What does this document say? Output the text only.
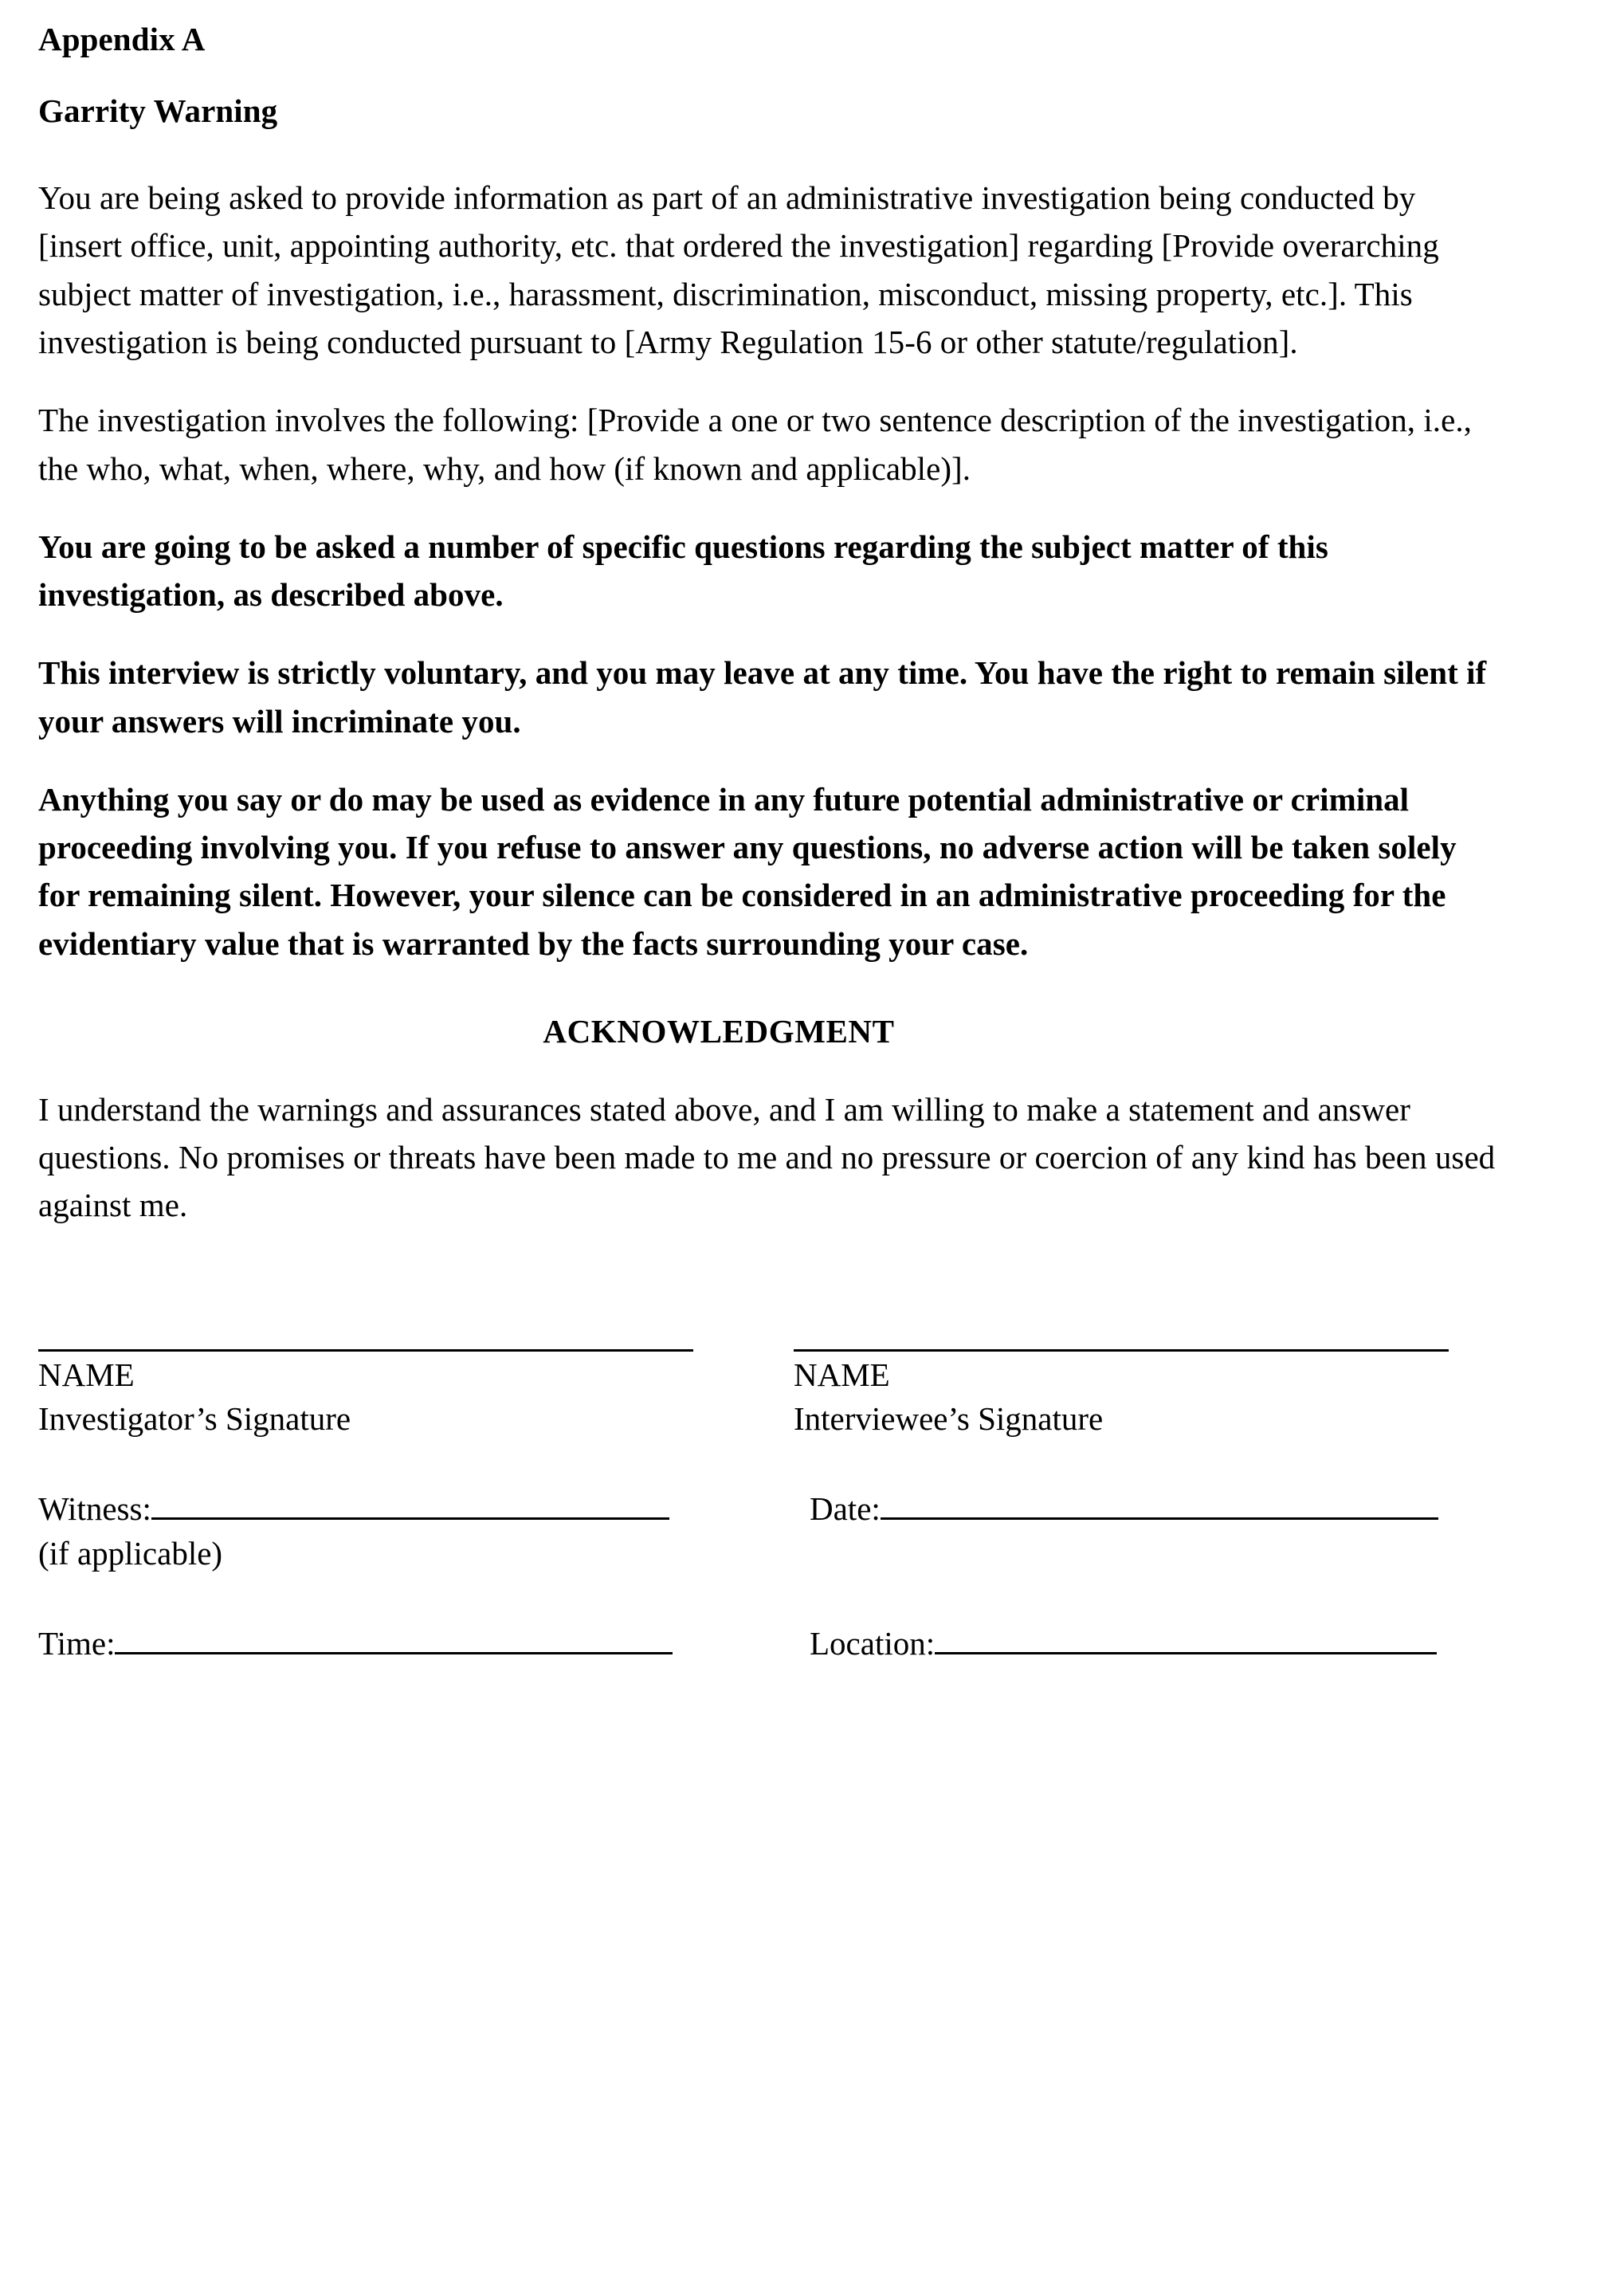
Appendix A
Garrity Warning

You are being asked to provide information as part of an administrative investigation being conducted by [insert office, unit, appointing authority, etc. that ordered the investigation] regarding [Provide overarching subject matter of investigation, i.e., harassment, discrimination, misconduct, missing property, etc.]. This investigation is being conducted pursuant to [Army Regulation 15-6 or other statute/regulation].

The investigation involves the following: [Provide a one or two sentence description of the investigation, i.e., the who, what, when, where, why, and how (if known and applicable)].

You are going to be asked a number of specific questions regarding the subject matter of this investigation, as described above.

This interview is strictly voluntary, and you may leave at any time. You have the right to remain silent if your answers will incriminate you.

Anything you say or do may be used as evidence in any future potential administrative or criminal proceeding involving you. If you refuse to answer any questions, no adverse action will be taken solely for remaining silent. However, your silence can be considered in an administrative proceeding for the evidentiary value that is warranted by the facts surrounding your case.

ACKNOWLEDGMENT

I understand the warnings and assurances stated above, and I am willing to make a statement and answer questions. No promises or threats have been made to me and no pressure or coercion of any kind has been used against me.

NAME
Investigator’s Signature
NAME
Interviewee’s Signature
Witness:
(if applicable)
Date:
Time:	Location:
